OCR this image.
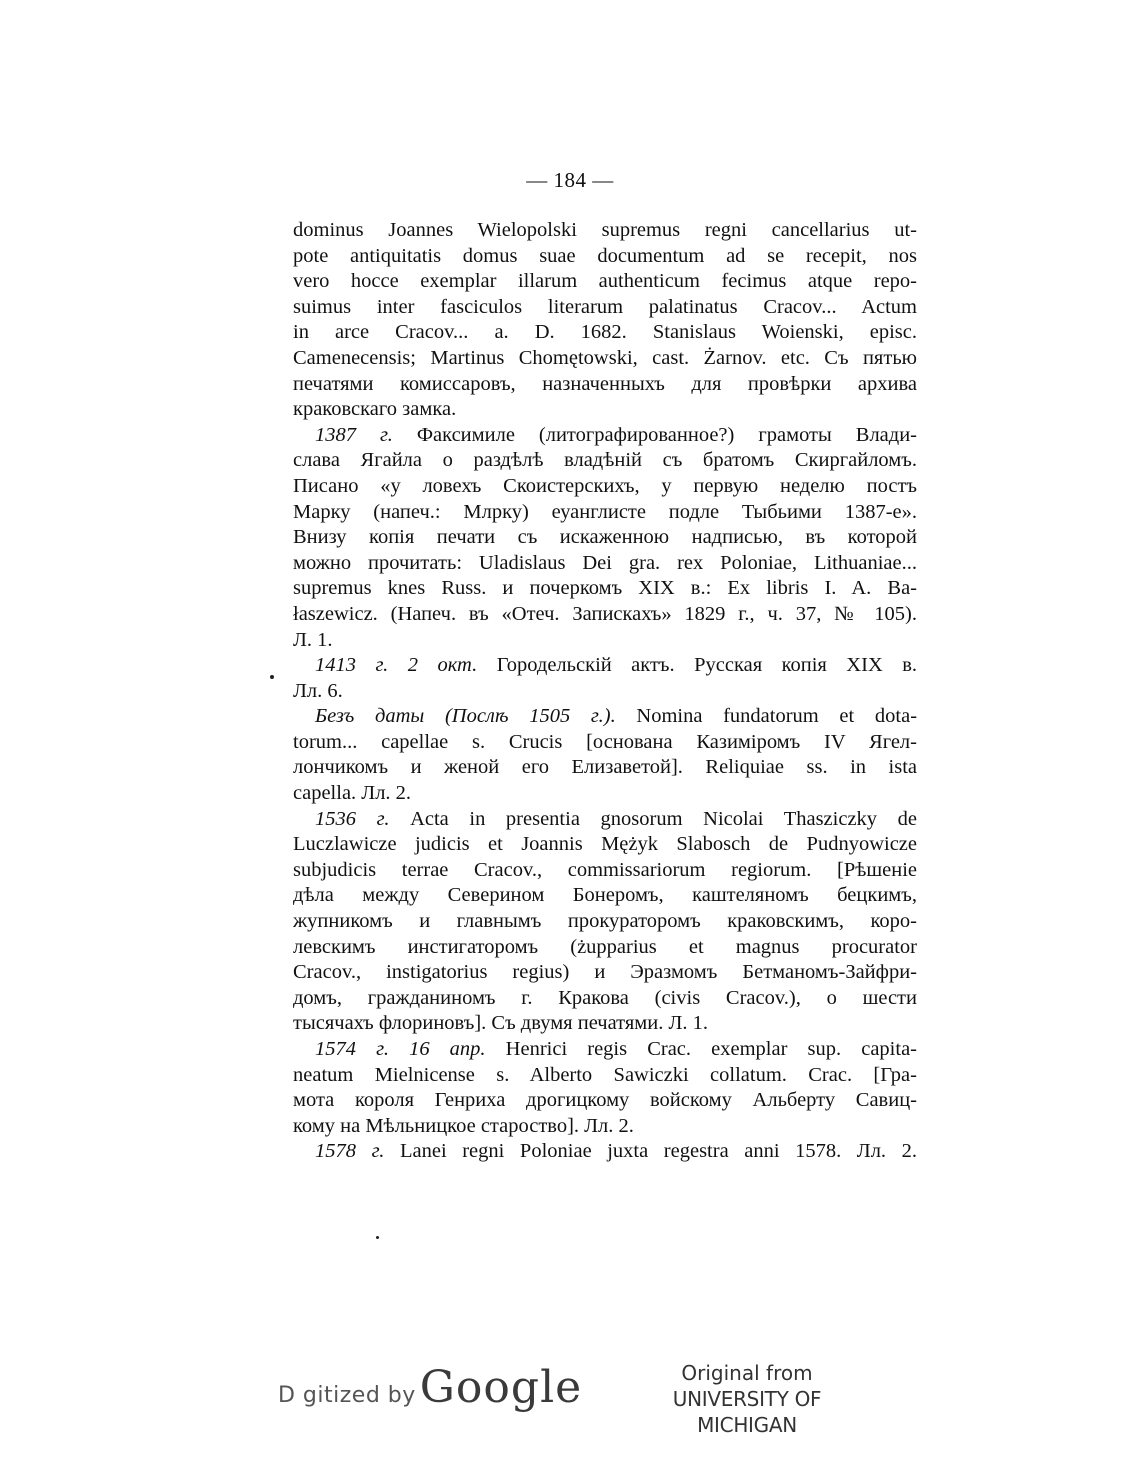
— 184 —
dominus Joannes Wielopolski supremus regni cancellarius ut-
pote antiquitatis domus suae documentum ad se recepit, nos
vero hocce exemplar illarum authenticum fecimus atque repo-
suimus inter fasciculos literarum palatinatus Cracov... Actum
in arce Cracov... a. D. 1682. Stanislaus Woienski, episc.
Camenecensis; Martinus Chomętowski, cast. Żarnov. etc. Съ пятью
печатями комиссаровъ, назначенныхъ для провѣрки архива
краковскаго замка.
1387 г. Факсимиле (литографированное?) грамоты Влади-
слава Ягайла о раздѣлѣ владѣній съ братомъ Скиргайломъ.
Писано «у ловехъ Скоистерскихъ, у первую неделю постъ
Марку (напеч.: Млрку) еуанглисте подле Тыбьими 1387-е».
Внизу копія печати съ искаженною надписью, въ которой
можно прочитать: Uladislaus Dei gra. rex Poloniae, Lithuaniae...
supremus knes Russ. и почеркомъ XIX в.: Ex libris I. A. Ba-
łaszewicz. (Напеч. въ «Отеч. Запискахъ» 1829 г., ч. 37, № 105).
Л. 1.
1413 г. 2 окт. Городельскій актъ. Русская копія XIX в.
Лл. 6.
Безъ даты (Послѣ 1505 г.). Nomina fundatorum et dota-
torum... capellae s. Crucis [основана Казиміромъ IV Ягел-
лончикомъ и женой его Елизаветой]. Reliquiae ss. in ista
capella. Лл. 2.
1536 г. Acta in presentia gnosorum Nicolai Thasziczky de
Luczlawicze judicis et Joannis Mężyk Slabosch de Pudnyowicze
subjudicis terrae Cracov., commissariorum regiorum. [Рѣшеніе
дѣла между Северином Бонеромъ, каштеляномъ бецкимъ,
жупникомъ и главнымъ прокураторомъ краковскимъ, коро-
левскимъ инстигаторомъ (żupparius et magnus procurator
Cracov., instigatorius regius) и Эразмомъ Бетманомъ-Зайфри-
домъ, гражданиномъ г. Кракова (civis Cracov.), о шести
тысячахъ флориновъ]. Съ двумя печатями. Л. 1.
1574 г. 16 апр. Henrici regis Crac. exemplar sup. capita-
neatum Mielnicense s. Alberto Sawiczki collatum. Crac. [Гра-
мота короля Генриха дрогицкому войскому Альберту Савиц-
кому на Мѣльницкое староство]. Лл. 2.
1578 г. Lanei regni Poloniae juxta regestra anni 1578. Лл. 2.
D gitized by Google	Original from
UNIVERSITY OF MICHIGAN
